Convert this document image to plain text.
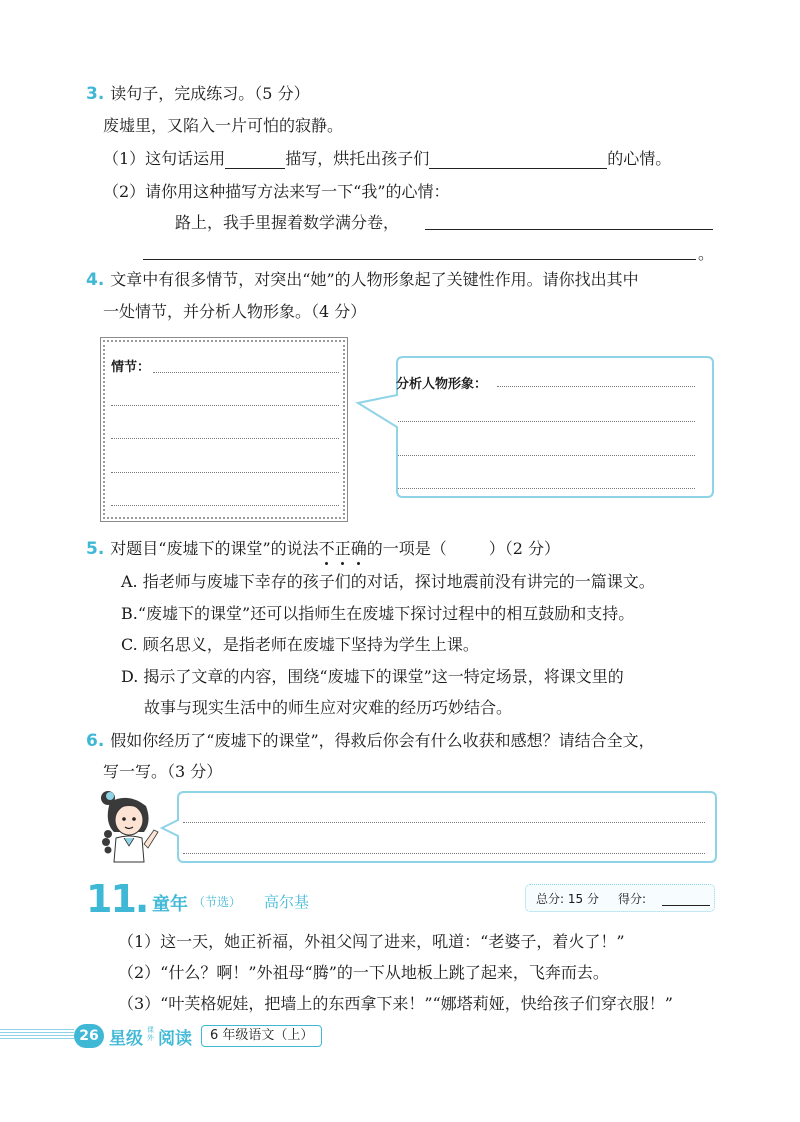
3. 读句子，完成练习。（5 分）
废墟里，又陷入一片可怕的寂静。
（1）这句话运用	描写，烘托出孩子们	的心情。
（2）请你用这种描写方法来写一下“我”的心情：
路上，我手里握着数学满分卷，
。
4. 文章中有很多情节，对突出“她”的人物形象起了关键性作用。请你找出其中
一处情节，并分析人物形象。（4 分）
情节：
分析人物形象：
5. 对题目“废墟下的课堂”的说法不正确的一项是（	）（2 分）
A. 指老师与废墟下幸存的孩子们的对话，探讨地震前没有讲完的一篇课文。
B.“废墟下的课堂”还可以指师生在废墟下探讨过程中的相互鼓励和支持。
C. 顾名思义，是指老师在废墟下坚持为学生上课。
D. 揭示了文章的内容，围绕“废墟下的课堂”这一特定场景，将课文里的
故事与现实生活中的师生应对灾难的经历巧妙结合。
6. 假如你经历了“废墟下的课堂”，得救后你会有什么收获和感想？请结合全文，
写一写。（3 分）
11. 童年 （节选） 高尔基	总分: 15 分 得分:
（1）这一天，她正祈福，外祖父闯了进来，吼道：“老婆子，着火了！”
（2）“什么？啊！”外祖母“腾”的一下从地板上跳了起来，飞奔而去。
（3）“叶芙格妮娃，把墙上的东西拿下来！”“娜塔莉娅，快给孩子们穿衣服！”
26 星级 课外 阅读	6 年级语文（上）
